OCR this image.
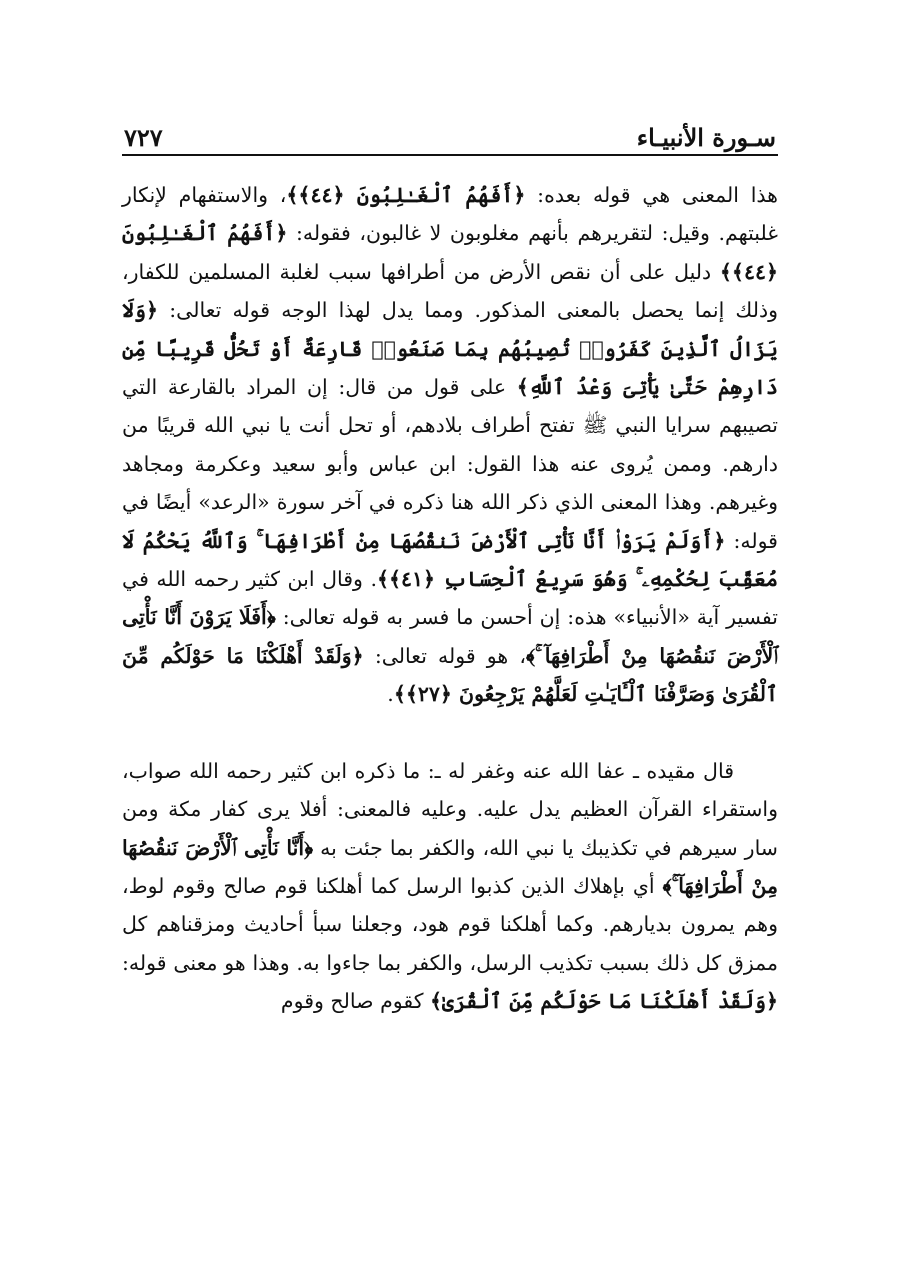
سـورة الأنبيـاء
٧٢٧

هذا المعنى هي قوله بعده: ﴿أَفَهُمُ ٱلْغَـٰلِبُونَ ﴿٤٤﴾﴾، والاستفهام لإنكار غلبتهم. وقيل: لتقريرهم بأنهم مغلوبون لا غالبون، فقوله: ﴿أَفَهُمُ ٱلْغَـٰلِبُونَ ﴿٤٤﴾﴾ دليل على أن نقص الأرض من أطرافها سبب لغلبة المسلمين للكفار، وذلك إنما يحصل بالمعنى المذكور. ومما يدل لهذا الوجه قوله تعالى: ﴿وَلَا يَزَالُ ٱلَّذِينَ كَفَرُوا۟ تُصِيبُهُم بِمَا صَنَعُوا۟ قَارِعَةٌ أَوْ تَحُلُّ قَرِيبًا مِّن دَارِهِمْ حَتَّىٰ يَأْتِىَ وَعْدُ ٱللَّهِ﴾ على قول من قال: إن المراد بالقارعة التي تصيبهم سرايا النبي ﷺ تفتح أطراف بلادهم، أو تحل أنت يا نبي الله قريبًا من دارهم. وممن يُروى عنه هذا القول: ابن عباس وأبو سعيد وعكرمة ومجاهد وغيرهم. وهذا المعنى الذي ذكر الله هنا ذكره في آخر سورة «الرعد» أيضًا في قوله: ﴿أَوَلَمْ يَرَوْا۟ أَنَّا نَأْتِى ٱلْأَرْضَ نَنقُصُهَا مِنْ أَطْرَافِهَا ۚ وَٱللَّهُ يَحْكُمُ لَا مُعَقِّبَ لِحُكْمِهِۦ ۚ وَهُوَ سَرِيعُ ٱلْحِسَابِ ﴿٤١﴾﴾. وقال ابن كثير رحمه الله في تفسير آية «الأنبياء» هذه: إن أحسن ما فسر به قوله تعالى: ﴿أَفَلَا يَرَوْنَ أَنَّا نَأْتِى ٱلْأَرْضَ نَنقُصُهَا مِنْ أَطْرَافِهَآ ۚ﴾، هو قوله تعالى: ﴿وَلَقَدْ أَهْلَكْنَا مَا حَوْلَكُم مِّنَ ٱلْقُرَىٰ وَصَرَّفْنَا ٱلْـَٔايَـٰتِ لَعَلَّهُمْ يَرْجِعُونَ ﴿٢٧﴾﴾.

قال مقيده ـ عفا الله عنه وغفر له ـ: ما ذكره ابن كثير رحمه الله صواب، واستقراء القرآن العظيم يدل عليه. وعليه فالمعنى: أفلا يرى كفار مكة ومن سار سيرهم في تكذيبك يا نبي الله، والكفر بما جئت به ﴿أَنَّا نَأْتِى ٱلْأَرْضَ نَنقُصُهَا مِنْ أَطْرَافِهَآ ۚ﴾ أي بإهلاك الذين كذبوا الرسل كما أهلكنا قوم صالح وقوم لوط، وهم يمرون بديارهم. وكما أهلكنا قوم هود، وجعلنا سبأ أحاديث ومزقناهم كل ممزق كل ذلك بسبب تكذيب الرسل، والكفر بما جاءوا به. وهذا هو معنى قوله: ﴿وَلَقَدْ أَهْلَكْنَا مَا حَوْلَكُم مِّنَ ٱلْقُرَىٰ﴾ كقوم صالح وقوم
